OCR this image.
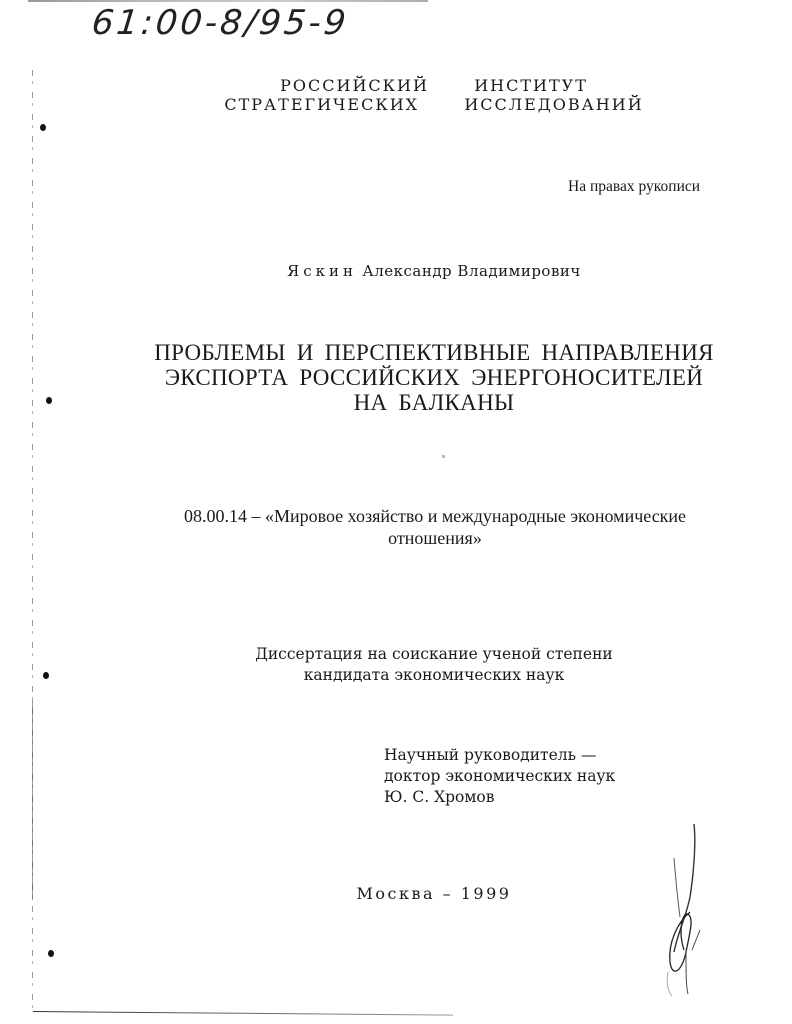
61:00-8/95-9
РОССИЙСКИЙ   ИНСТИТУТ
СТРАТЕГИЧЕСКИХ   ИССЛЕДОВАНИЙ
На правах рукописи
Яскин Александр Владимирович
ПРОБЛЕМЫ И ПЕРСПЕКТИВНЫЕ НАПРАВЛЕНИЯ
ЭКСПОРТА РОССИЙСКИХ ЭНЕРГОНОСИТЕЛЕЙ
НА БАЛКАНЫ
08.00.14 – «Мировое хозяйство и международные экономические
отношения»
Диссертация на соискание ученой степени
кандидата экономических наук
Научный руководитель —
доктор экономических наук
Ю. С. Хромов
Москва – 1999
